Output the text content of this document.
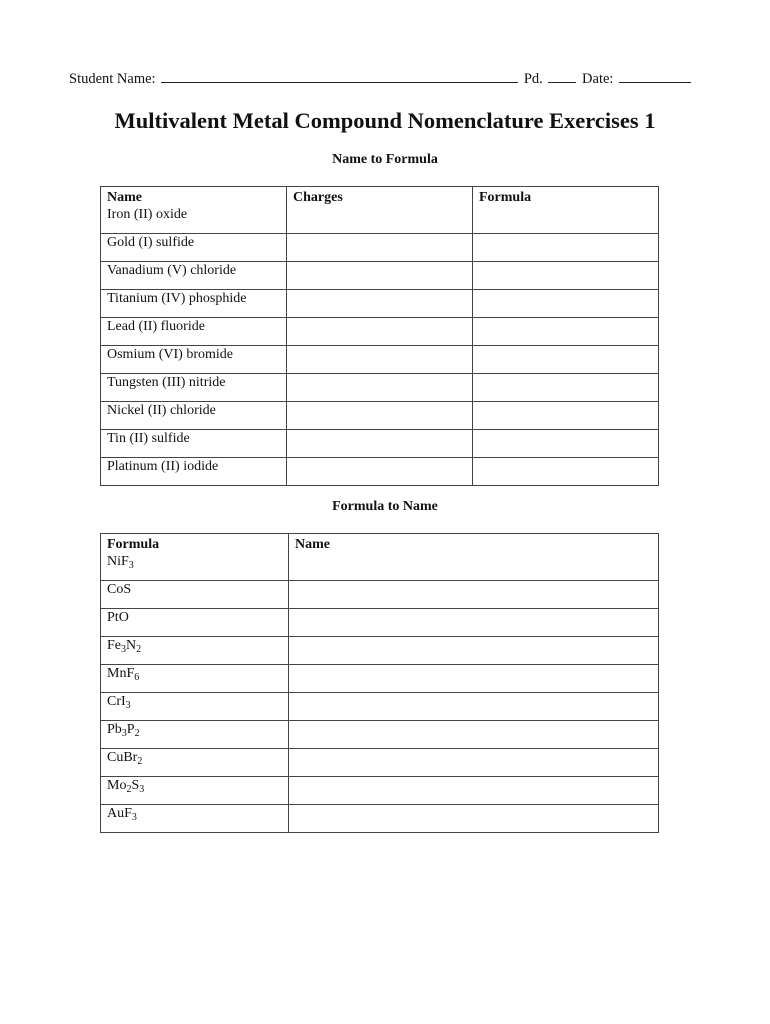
Student Name:	Pd.	Date:
Multivalent Metal Compound Nomenclature Exercises 1
Name to Formula
Name	Charges	Formula
Iron (II) oxide		
Gold (I) sulfide		
Vanadium (V) chloride		
Titanium (IV) phosphide		
Lead (II) fluoride		
Osmium (VI) bromide		
Tungsten (III) nitride		
Nickel (II) chloride		
Tin (II) sulfide		
Platinum (II) iodide		
Formula to Name
Formula	Name
NiF$_3$	
CoS	
PtO	
$Fe_3N_2$	
MnF$_6$	
CrI$_3$	
$Pb_3P_2$	
CuBr$_2$	
$Mo_2S_3$	
AuF$_3$	
